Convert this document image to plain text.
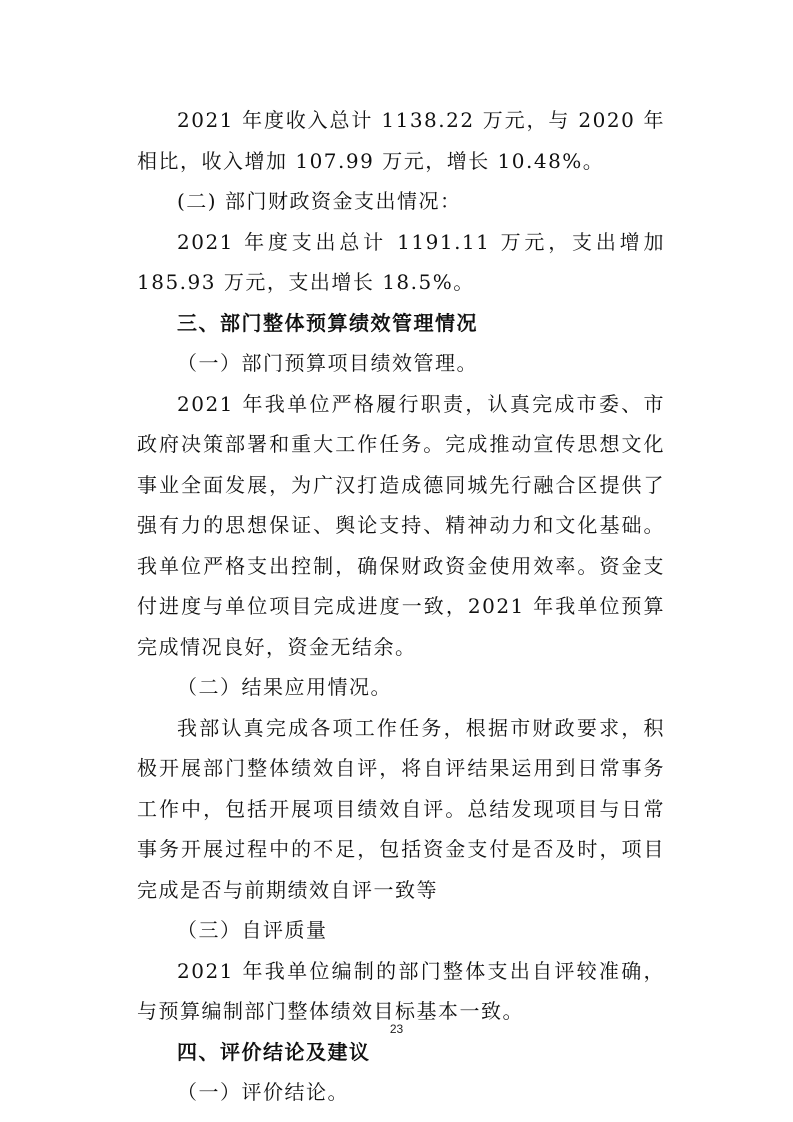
2021 年度收入总计 1138.22 万元，与 2020 年相比，收入增加 107.99 万元，增长 10.48%。

(二) 部门财政资金支出情况：

2021 年度支出总计 1191.11 万元，支出增加 185.93 万元，支出增长 18.5%。

三、部门整体预算绩效管理情况

（一）部门预算项目绩效管理。

2021 年我单位严格履行职责，认真完成市委、市政府决策部署和重大工作任务。完成推动宣传思想文化事业全面发展，为广汉打造成德同城先行融合区提供了强有力的思想保证、舆论支持、精神动力和文化基础。我单位严格支出控制，确保财政资金使用效率。资金支付进度与单位项目完成进度一致，2021 年我单位预算完成情况良好，资金无结余。

（二）结果应用情况。

我部认真完成各项工作任务，根据市财政要求，积极开展部门整体绩效自评，将自评结果运用到日常事务工作中，包括开展项目绩效自评。总结发现项目与日常事务开展过程中的不足，包括资金支付是否及时，项目完成是否与前期绩效自评一致等

（三）自评质量

2021 年我单位编制的部门整体支出自评较准确，与预算编制部门整体绩效目标基本一致。

四、评价结论及建议

（一）评价结论。

23
